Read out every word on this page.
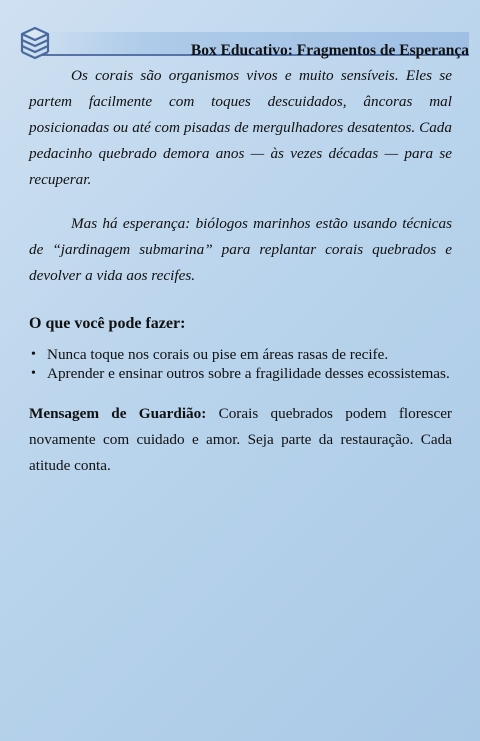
Box Educativo: Fragmentos de Esperança

Os corais são organismos vivos e muito sensíveis. Eles se partem facilmente com toques descuidados, âncoras mal posicionadas ou até com pisadas de mergulhadores desatentos. Cada pedacinho quebrado demora anos — às vezes décadas — para se recuperar.

Mas há esperança: biólogos marinhos estão usando técnicas de “jardinagem submarina” para replantar corais quebrados e devolver a vida aos recifes.

O que você pode fazer:
• Nunca toque nos corais ou pise em áreas rasas de recife.
• Aprender e ensinar outros sobre a fragilidade desses ecossistemas.

Mensagem de Guardião: Corais quebrados podem florescer novamente com cuidado e amor. Seja parte da restauração. Cada atitude conta.
